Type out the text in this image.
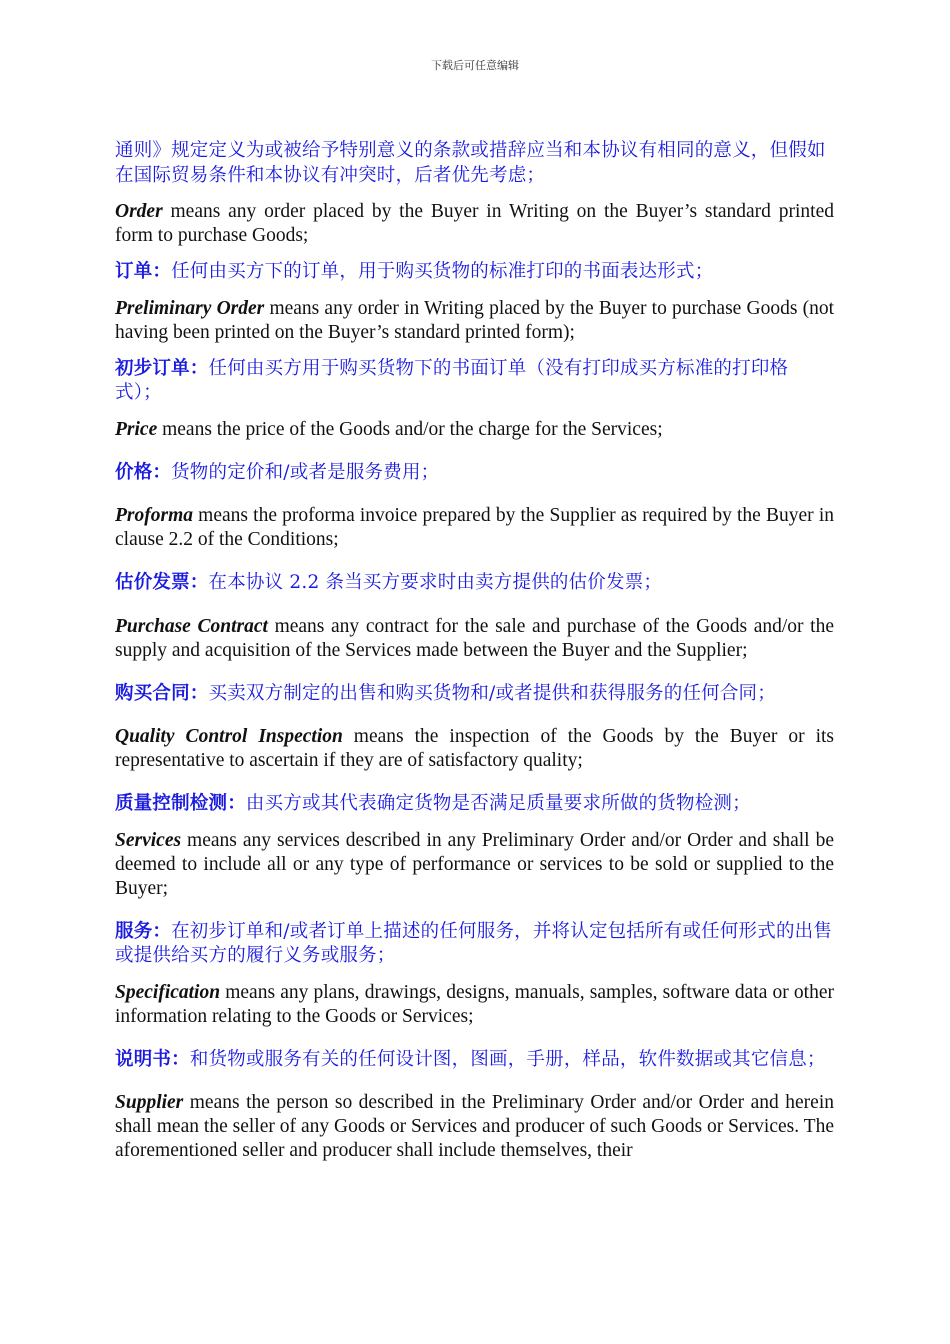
下载后可任意编辑

通则》规定定义为或被给予特别意义的条款或措辞应当和本协议有相同的意义，但假如在国际贸易条件和本协议有冲突时，后者优先考虑；

Order means any order placed by the Buyer in Writing on the Buyer’s standard printed form to purchase Goods;

订单：任何由买方下的订单，用于购买货物的标准打印的书面表达形式；

Preliminary Order means any order in Writing placed by the Buyer to purchase Goods (not having been printed on the Buyer’s standard printed form);

初步订单：任何由买方用于购买货物下的书面订单（没有打印成买方标准的打印格式）；

Price means the price of the Goods and/or the charge for the Services;

价格：货物的定价和/或者是服务费用；

Proforma means the proforma invoice prepared by the Supplier as required by the Buyer in clause 2.2 of the Conditions;

估价发票：在本协议 2.2 条当买方要求时由卖方提供的估价发票；

Purchase Contract means any contract for the sale and purchase of the Goods and/or the supply and acquisition of the Services made between the Buyer and the Supplier;

购买合同：买卖双方制定的出售和购买货物和/或者提供和获得服务的任何合同；

Quality Control Inspection means the inspection of the Goods by the Buyer or its representative to ascertain if they are of satisfactory quality;

质量控制检测：由买方或其代表确定货物是否满足质量要求所做的货物检测；

Services means any services described in any Preliminary Order and/or Order and shall be deemed to include all or any type of performance or services to be sold or supplied to the Buyer;

服务：在初步订单和/或者订单上描述的任何服务，并将认定包括所有或任何形式的出售或提供给买方的履行义务或服务；

Specification means any plans, drawings, designs, manuals, samples, software data or other information relating to the Goods or Services;

说明书：和货物或服务有关的任何设计图，图画，手册，样品，软件数据或其它信息；

Supplier means the person so described in the Preliminary Order and/or Order and herein shall mean the seller of any Goods or Services and producer of such Goods or Services. The aforementioned seller and producer shall include themselves, their
